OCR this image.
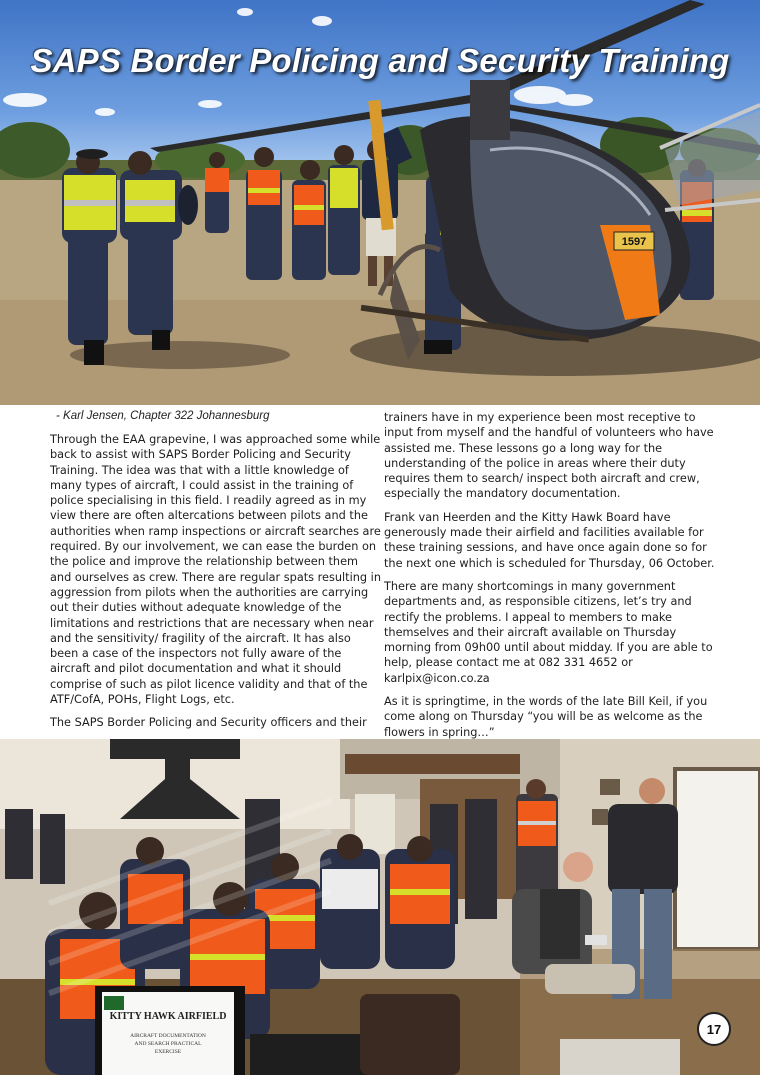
1597
SAPS Border Policing and Security Training
- Karl Jensen, Chapter 322 Johannesburg

Through the EAA grapevine, I was approached some while back to assist with SAPS Border Policing and Security Training. The idea was that with a little knowledge of many types of aircraft, I could assist in the training of police specialising in this field. I readily agreed as in my view there are often altercations between pilots and the authorities when ramp inspections or aircraft searches are required. By our involvement, we can ease the burden on the police and improve the relationship between them and ourselves as crew. There are regular spats resulting in aggression from pilots when the authorities are carrying out their duties without adequate knowledge of the limitations and restrictions that are necessary when near and the sensitivity/ fragility of the aircraft. It has also been a case of the inspectors not fully aware of the aircraft and pilot documentation and what it should comprise of such as pilot licence validity and that of the ATF/CofA, POHs, Flight Logs, etc.

The SAPS Border Policing and Security officers and their

trainers have in my experience been most receptive to input from myself and the handful of volunteers who have assisted me. These lessons go a long way for the understanding of the police in areas where their duty requires them to search/ inspect both aircraft and crew, especially the mandatory documentation.

Frank van Heerden and the Kitty Hawk Board have generously made their airfield and facilities available for these training sessions, and have once again done so for the next one which is scheduled for Thursday, 06 October.

There are many shortcomings in many government departments and, as responsible citizens, let’s try and rectify the problems. I appeal to members to make themselves and their aircraft available on Thursday morning from 09h00 until about midday. If you are able to help, please contact me at 082 331 4652 or karlpix@icon.co.za

As it is springtime, in the words of the late Bill Keil, if you come along on Thursday “you will be as welcome as the flowers in spring…”

KITTY HAWK AIRFIELD
AIRCRAFT DOCUMENTATION
AND SEARCH PRACTICAL
EXERCISE
17
